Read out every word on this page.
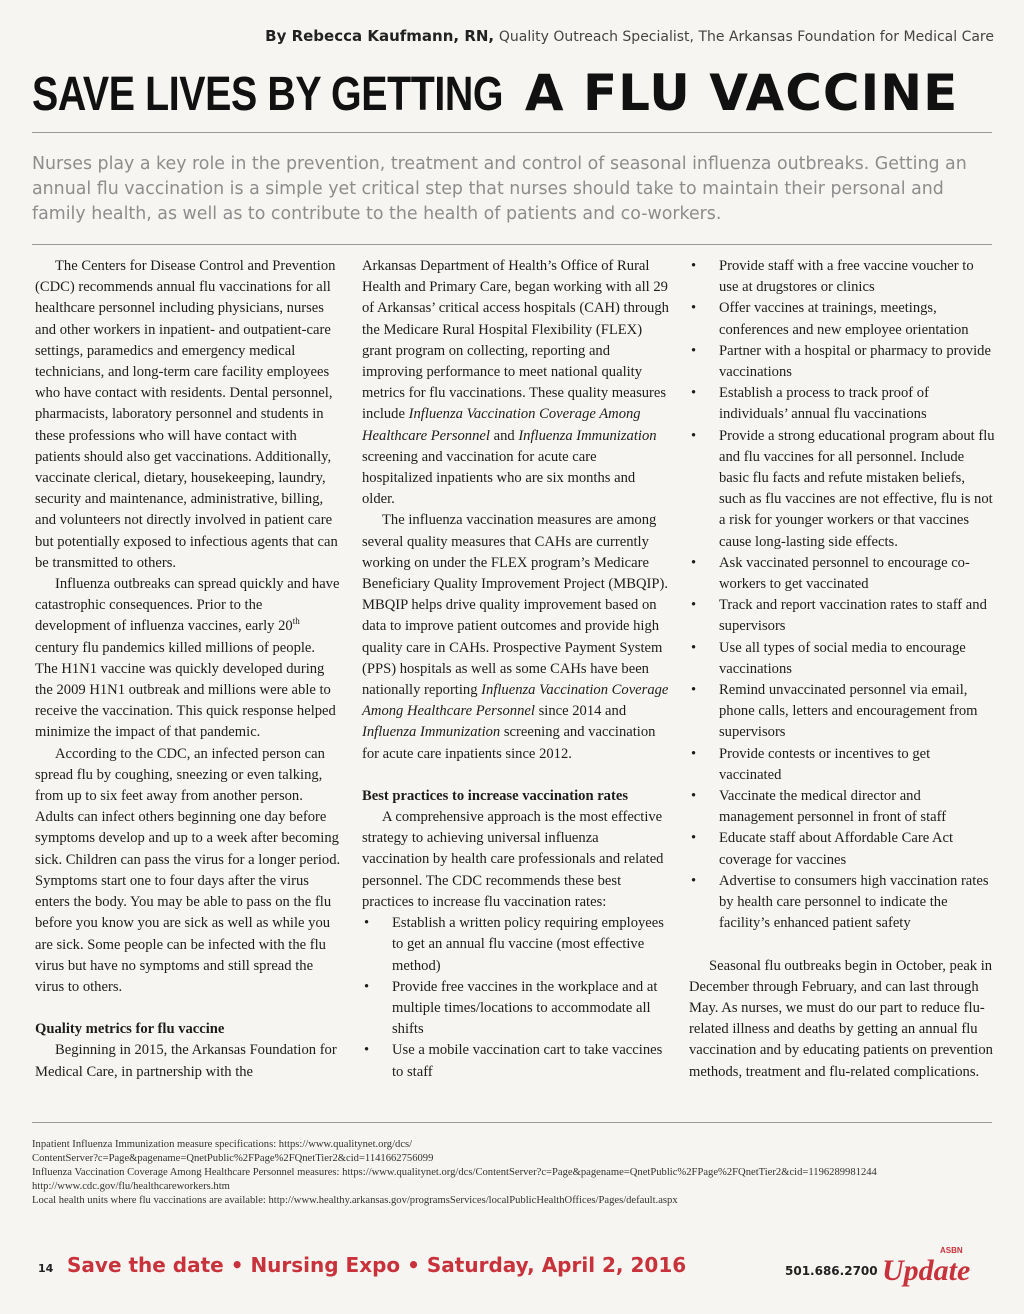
By Rebecca Kaufmann, RN, Quality Outreach Specialist, The Arkansas Foundation for Medical Care
SAVE LIVES BY GETTING A FLU VACCINE

Nurses play a key role in the prevention, treatment and control of seasonal influenza outbreaks. Getting an annual flu vaccination is a simple yet critical step that nurses should take to maintain their personal and family health, as well as to contribute to the health of patients and co-workers.

The Centers for Disease Control and Prevention (CDC) recommends annual flu vaccinations for all healthcare personnel including physicians, nurses and other workers in inpatient- and outpatient-care settings, paramedics and emergency medical technicians, and long-term care facility employees who have contact with residents. Dental personnel, pharmacists, laboratory personnel and students in these professions who will have contact with patients should also get vaccinations. Additionally, vaccinate clerical, dietary, housekeeping, laundry, security and maintenance, administrative, billing, and volunteers not directly involved in patient care but potentially exposed to infectious agents that can be transmitted to others.

Influenza outbreaks can spread quickly and have catastrophic consequences. Prior to the development of influenza vaccines, early 20th century flu pandemics killed millions of people. The H1N1 vaccine was quickly developed during the 2009 H1N1 outbreak and millions were able to receive the vaccination. This quick response helped minimize the impact of that pandemic.

According to the CDC, an infected person can spread flu by coughing, sneezing or even talking, from up to six feet away from another person. Adults can infect others beginning one day before symptoms develop and up to a week after becoming sick. Children can pass the virus for a longer period. Symptoms start one to four days after the virus enters the body. You may be able to pass on the flu before you know you are sick as well as while you are sick. Some people can be infected with the flu virus but have no symptoms and still spread the virus to others.

Quality metrics for flu vaccine

Beginning in 2015, the Arkansas Foundation for Medical Care, in partnership with the

Arkansas Department of Health’s Office of Rural Health and Primary Care, began working with all 29 of Arkansas’ critical access hospitals (CAH) through the Medicare Rural Hospital Flexibility (FLEX) grant program on collecting, reporting and improving performance to meet national quality metrics for flu vaccinations. These quality measures include Influenza Vaccination Coverage Among Healthcare Personnel and Influenza Immunization screening and vaccination for acute care hospitalized inpatients who are six months and older.

The influenza vaccination measures are among several quality measures that CAHs are currently working on under the FLEX program’s Medicare Beneficiary Quality Improvement Project (MBQIP). MBQIP helps drive quality improvement based on data to improve patient outcomes and provide high quality care in CAHs. Prospective Payment System (PPS) hospitals as well as some CAHs have been nationally reporting Influenza Vaccination Coverage Among Healthcare Personnel since 2014 and Influenza Immunization screening and vaccination for acute care inpatients since 2012.

Best practices to increase vaccination rates

A comprehensive approach is the most effective strategy to achieving universal influenza vaccination by health care professionals and related personnel. The CDC recommends these best practices to increase flu vaccination rates:

• Establish a written policy requiring employees to get an annual flu vaccine (most effective method)
• Provide free vaccines in the workplace and at multiple times/locations to accommodate all shifts
• Use a mobile vaccination cart to take vaccines to staff
• Provide staff with a free vaccine voucher to use at drugstores or clinics
• Offer vaccines at trainings, meetings, conferences and new employee orientation
• Partner with a hospital or pharmacy to provide vaccinations
• Establish a process to track proof of individuals’ annual flu vaccinations
• Provide a strong educational program about flu and flu vaccines for all personnel. Include basic flu facts and refute mistaken beliefs, such as flu vaccines are not effective, flu is not a risk for younger workers or that vaccines cause long-lasting side effects.
• Ask vaccinated personnel to encourage co-workers to get vaccinated
• Track and report vaccination rates to staff and supervisors
• Use all types of social media to encourage vaccinations
• Remind unvaccinated personnel via email, phone calls, letters and encouragement from supervisors
• Provide contests or incentives to get vaccinated
• Vaccinate the medical director and management personnel in front of staff
• Educate staff about Affordable Care Act coverage for vaccines
• Advertise to consumers high vaccination rates by health care personnel to indicate the facility’s enhanced patient safety

Seasonal flu outbreaks begin in October, peak in December through February, and can last through May. As nurses, we must do our part to reduce flu-related illness and deaths by getting an annual flu vaccination and by educating patients on prevention methods, treatment and flu-related complications.

Inpatient Influenza Immunization measure specifications: https://www.qualitynet.org/dcs/
ContentServer?c=Page&pagename=QnetPublic%2FPage%2FQnetTier2&cid=1141662756099
Influenza Vaccination Coverage Among Healthcare Personnel measures: https://www.qualitynet.org/dcs/ContentServer?c=Page&pagename=QnetPublic%2FPage%2FQnetTier2&cid=1196289981244
http://www.cdc.gov/flu/healthcareworkers.htm
Local health units where flu vaccinations are available: http://www.healthy.arkansas.gov/programsServices/localPublicHealthOffices/Pages/default.aspx
14 Save the date • Nursing Expo • Saturday, April 2, 2016	501.686.2700
ASBN
Update
